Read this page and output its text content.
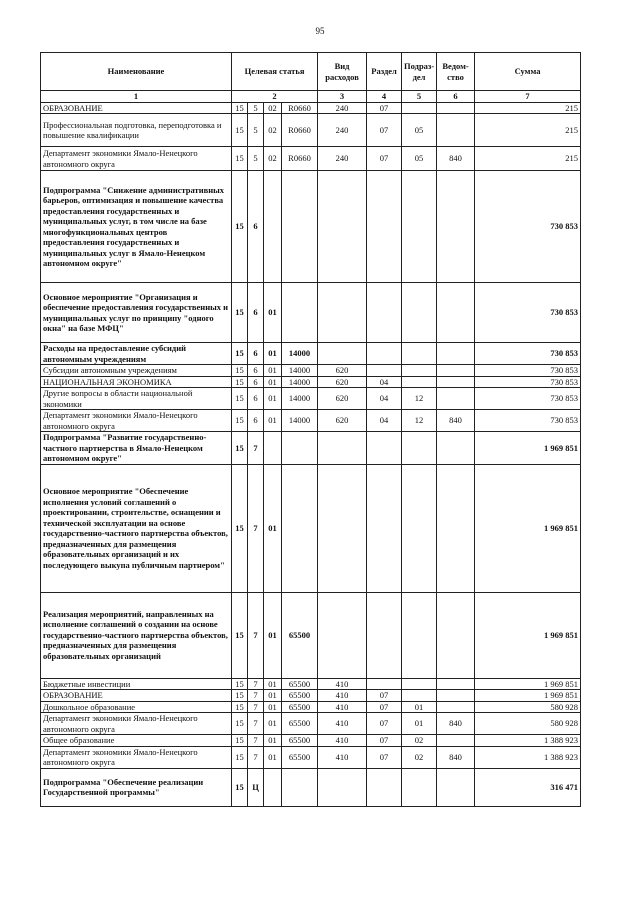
95
Наименование	Целевая статья				Вид расходов	Раздел	Подраз-дел	Ведом-ство	Сумма
1	2				3	4	5	6	7
ОБРАЗОВАНИЕ	15	5	02	R0660	240	07			215
Профессиональная подготовка, переподготовка и повышение квалификации	15	5	02	R0660	240	07	05		215
Департамент экономики Ямало-Ненецкого автономного округа	15	5	02	R0660	240	07	05	840	215
Подпрограмма "Снижение административных барьеров, оптимизация и повышение качества предоставления государственных и муниципальных услуг, в том числе на базе многофункциональных центров предоставления государственных и муниципальных услуг в Ямало-Ненецком автономном округе"	15	6							730 853
Основное мероприятие "Организация и обеспечение предоставления государственных и муниципальных услуг по принципу "одного окна" на базе МФЦ"	15	6	01						730 853
Расходы на предоставление субсидий автономным учреждениям	15	6	01	14000					730 853
Субсидии автономным учреждениям	15	6	01	14000	620				730 853
НАЦИОНАЛЬНАЯ ЭКОНОМИКА	15	6	01	14000	620	04			730 853
Другие вопросы в области национальной экономики	15	6	01	14000	620	04	12		730 853
Департамент экономики Ямало-Ненецкого автономного округа	15	6	01	14000	620	04	12	840	730 853
Подпрограмма "Развитие государственно-частного партнерства в Ямало-Ненецком автономном округе"	15	7							1 969 851
Основное мероприятие "Обеспечение исполнения условий соглашений о проектировании, строительстве, оснащении и технической эксплуатации на основе государственно-частного партнерства объектов, предназначенных для размещения образовательных организаций и их последующего выкупа публичным партнером"	15	7	01						1 969 851
Реализация мероприятий, направленных на исполнение соглашений о создании на основе государственно-частного партнерства объектов, предназначенных для размещения образовательных организаций	15	7	01	65500					1 969 851
Бюджетные инвестиции	15	7	01	65500	410				1 969 851
ОБРАЗОВАНИЕ	15	7	01	65500	410	07			1 969 851
Дошкольное образование	15	7	01	65500	410	07	01		580 928
Департамент экономики Ямало-Ненецкого автономного округа	15	7	01	65500	410	07	01	840	580 928
Общее образование	15	7	01	65500	410	07	02		1 388 923
Департамент экономики Ямало-Ненецкого автономного округа	15	7	01	65500	410	07	02	840	1 388 923
Подпрограмма "Обеспечение реализации Государственной программы"	15	Ц							316 471
